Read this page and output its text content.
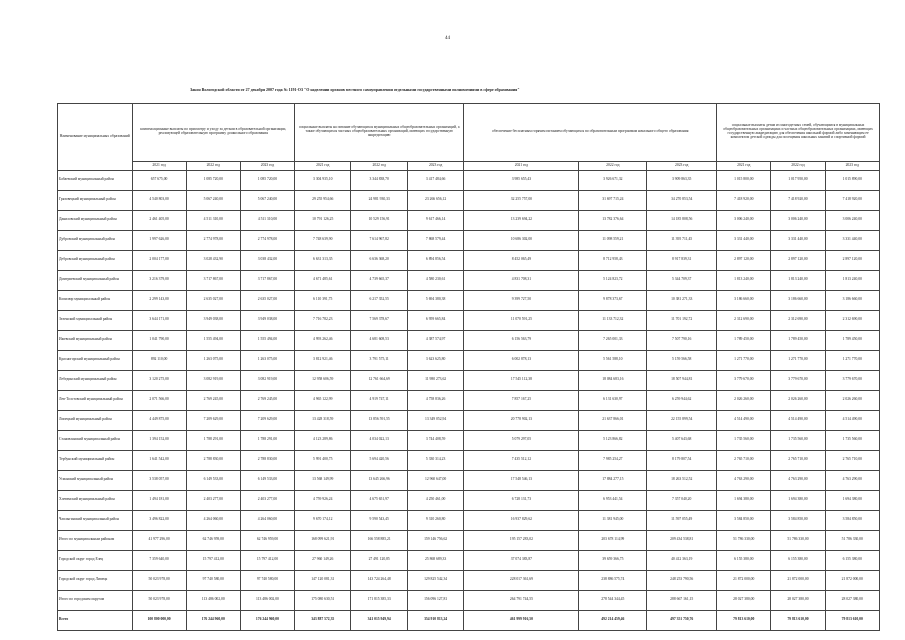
44
Закон Вологодской области от 27 декабря 2007 года № 1191-ОЗ "О наделении органов местного самоуправления отдельными государственными полномочиями в сфере образования"

Наименование муниципальных образований	компенсационные выплаты по присмотру и уходу за детьми в образовательной организации, реализующей образовательную программу дошкольного образования			социальные выплаты на питание обучающихся муниципальных общеобразовательных организаций, а также обучающихся частных общеобразовательных организаций, имеющих государственную аккредитацию			обеспечение бесплатным горячим питанием обучающихся по образовательным программам начального общего образования			социальные выплаты детям из многодетных семей, обучающимся в муниципальных общеобразовательных организациях и частных общеобразовательных организациях, имеющих государственную аккредитацию для обеспечения школьной формой либо заменяющим ее комплектом детской одежды для посещения школьных занятий и спортивной формой		
	2021 год	2022 год	2023 год	2021 год	2022 год	2023 год	2021 год	2022 год	2023 год	2021 год	2022 год	2023 год
Бабаевский муниципальный район	657 675,00	1 085 720,00	1 085 720,00	3 304 935,10	3 344 838,70	3 417 484,66	3 985 655,43	3 926 671,32	3 909 863,35	1 015 800,00	1 017 950,00	1 015 890,00
Грязовецкий муниципальный район	4 540 803,00	5 067 240,00	5 067 240,00	29 255 954,66	24 981 930,33	23 266 656,12	32 255 757,00	31 697 715,24	34 270 853,54	7 418 920,00	7 418 920,00	7 418 920,00
Даниловский муниципальный район	2 461 405,00	4 511 310,00	4 511 310,00	10 791 126,25	10 529 156,91	9 617 466,14	13 239 694,22	13 782 376,64	14 185 808,56	3 006 240,00	3 006 240,00	3 006 240,00
Дубровский муниципальный район	1 997 626,00	2 774 978,00	2 774 978,00	7 748 639,90	7 614 967,82	7 868 579,44	10 686 302,00	11 098 559,21	11 395 711,45	3 331 440,00	3 331 440,00	3 331 440,00
Дебровский муниципальный район	2 004 177,00	3 028 432,90	3 038 432,00	6 631 313,35	6 636 368,20	6 894 856,54	8 452 065,49	8 712 958,43	8 917 839,31	2 897 120,00	2 897 120,00	2 897 120,00
Дмитриевский муниципальный район	3 216 379,00	3 717 867,00	3 717 867,00	4 671 485,61	4 739 665,37	4 580 230,61	4 831 708,31	5 124 823,72	5 344 709,37	1 813 240,00	1 813 240,00	1 813 240,00
Кизилюр муниципальный район	2 299 143,00	2 635 027,00	2 635 027,00	6 110 391,75	6 217 352,55	5 694 380,38	9 399 727,50	9 878 373,67	10 381 271,33	3 186 660,00	3 186 660,00	3 186 660,00
Зеленский муниципальный район	3 644 171,00	3 949 038,00	3 949 038,00	7 716 782,23	7 569 378,67	6 959 665,84	11 070 591,25	11 133 712,32	11 701 192,72	2 312 690,00	2 312 690,00	2 312 690,00
Ижевский муниципальный район	1 041 790,00	1 555 494,00	1 555 494,00	4 993 262,46	4 681 608,53	4 387 574,97	6 156 563,79	7 265 001,33	7 507 790,16	1 789 450,00	1 789 450,00	1 789 450,00
Красногорский муниципальный район	892 110,00	1 263 075,00	1 263 075,00	3 812 921,46	3 791 575,11	3 623 625,80	6 002 878,13	5 561 588,10	5 159 566,58	1 271 770,00	1 271 770,00	1 271 770,00
Лебединский муниципальный район	3 120 275,00	3 082 919,00	3 082 919,00	12 958 606,59	12 761 664,69	11 980 273,62	17 545 112,38	18 084 683,16	18 507 944,81	3 779 670,00	3 779 670,00	3 779 670,00
Лев-Толстовский муниципальный район	2 071 566,00	2 769 245,00	2 769 245,00	4 965 122,99	4 919 747,11	4 758 836,26	7 857 167,25	6 131 630,97	6 259 944,62	2 026 260,00	2 026 260,00	2 026 260,00
Липецкий муниципальный район	4 449 875,00	7 209 629,00	7 209 629,00	13 428 318,59	13 856 591,55	13 349 052,94	20 778 902,13	21 637 866,01	22 155 899,54	4 514 490,00	4 514 490,00	4 514 490,00
Становлянский муниципальный район	1 394 152,00	1 788 291,00	1 788 291,00	4 123 289,86	4 034 022,13	3 744 408,59	5 079 297,05	5 123 866,82	5 407 643,68	1 735 560,00	1 735 560,00	1 735 560,00
Тербунский муниципальный район	1 641 542,00	2 788 830,00	2 788 830,00	5 991 400,75	5 694 420,56	5 330 314,23	7 435 512,12	7 985 254,27	8 179 807,54	2 765 710,00	2 765 710,00	2 765 710,00
Усманский муниципальный район	3 538 057,00	6 149 533,00	6 149 533,00	13 568 149,99	13 645 266,96	12 960 647,00	17 548 546,13	17 884 277,15	18 263 512,52	4 763 290,00	4 763 290,00	4 763 290,00
Хлевенский муниципальный район	1 494 181,00	2 403 277,00	2 403 277,00	4 759 926,24	4 675 651,97	4 250 461,00	6 728 131,73	6 953 441,54	7 357 040,20	1 694 380,00	1 694 380,00	1 694 380,00
Чаплыгинский муниципальный район	3 496 822,00	4 264 060,00	4 264 060,00	9 670 174,12	9 590 543,45	9 310 260,80	16 937 829,62	11 381 945,00	11 597 055,49	3 584 850,00	3 584 850,00	3 584 850,00
Итого по муниципальным районам	41 977 296,00	62 746 959,00	62 746 959,00	168 099 621,91	166 558 885,21	159 146 756,62	195 157 283,02	203 678 114,99	209 434 538,81	51 786 330,00	51 786 330,00	51 786 330,00
Городской округ город Елец	7 359 640,00	15 797 412,00	15 797 412,00	27 960 149,26	27 491 120,85	25 868 689,33	37 074 383,87	39 659 366,75	40 412 363,19	6 155 380,00	6 155 380,00	6 155 380,00
Городской округ город Липецк	50 023 978,00	97 740 580,00	97 740 580,00	147 120 081,31	143 724 264,48	129 825 542,34	228 017 361,69	238 886 575,74	248 253 790,56	21 872 000,00	21 872 000,00	21 872 000,00
Итого по городским округам	50 023 978,00	113 486 002,00	113 486 002,00	175 080 630,51	171 815 385,33	156 096 127,81	264 791 744,55	278 544 344,45	288 667 161,15	28 027 380,00	28 027 380,00	28 027 380,00
Всего	100 800 000,00	176 244 960,00	176 244 960,00	343 887 572,35	341 015 949,94	354 910 813,24	461 999 916,50	492 214 459,46	497 351 750,76	79 813 610,00	79 813 610,00	79 813 610,00
